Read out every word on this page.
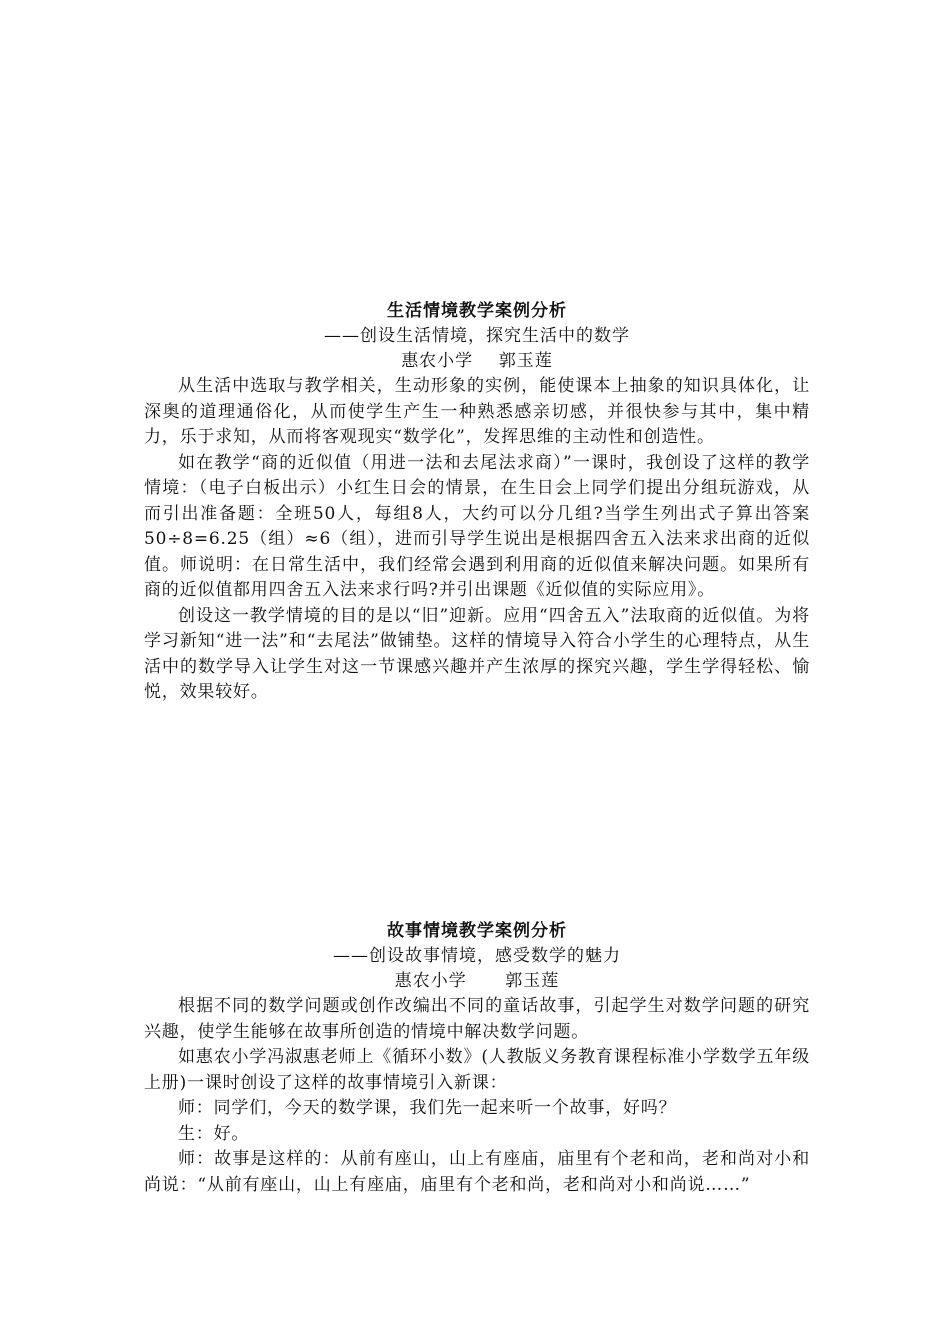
生活情境教学案例分析
——创设生活情境，探究生活中的数学
惠农小学    郭玉莲

从生活中选取与教学相关，生动形象的实例，能使课本上抽象的知识具体化，让深奥的道理通俗化，从而使学生产生一种熟悉感亲切感，并很快参与其中，集中精力，乐于求知，从而将客观现实“数学化”，发挥思维的主动性和创造性。

如在教学“商的近似值（用进一法和去尾法求商）”一课时，我创设了这样的教学情境：（电子白板出示）小红生日会的情景，在生日会上同学们提出分组玩游戏，从而引出准备题：全班50人，每组8人，大约可以分几组?当学生列出式子算出答案50÷8=6.25（组）≈6（组），进而引导学生说出是根据四舍五入法来求出商的近似值。师说明：在日常生活中，我们经常会遇到利用商的近似值来解决问题。如果所有商的近似值都用四舍五入法来求行吗?并引出课题《近似值的实际应用》。

创设这一教学情境的目的是以“旧”迎新。应用“四舍五入”法取商的近似值。为将学习新知“进一法”和“去尾法”做铺垫。这样的情境导入符合小学生的心理特点，从生活中的数学导入让学生对这一节课感兴趣并产生浓厚的探究兴趣，学生学得轻松、愉悦，效果较好。

故事情境教学案例分析
——创设故事情境，感受数学的魅力
惠农小学      郭玉莲

根据不同的数学问题或创作改编出不同的童话故事，引起学生对数学问题的研究兴趣，使学生能够在故事所创造的情境中解决数学问题。

如惠农小学冯淑惠老师上《循环小数》(人教版义务教育课程标准小学数学五年级上册)一课时创设了这样的故事情境引入新课：

师：同学们，今天的数学课，我们先一起来听一个故事，好吗？

生：好。

师：故事是这样的：从前有座山，山上有座庙，庙里有个老和尚，老和尚对小和尚说：“从前有座山，山上有座庙，庙里有个老和尚，老和尚对小和尚说……”
